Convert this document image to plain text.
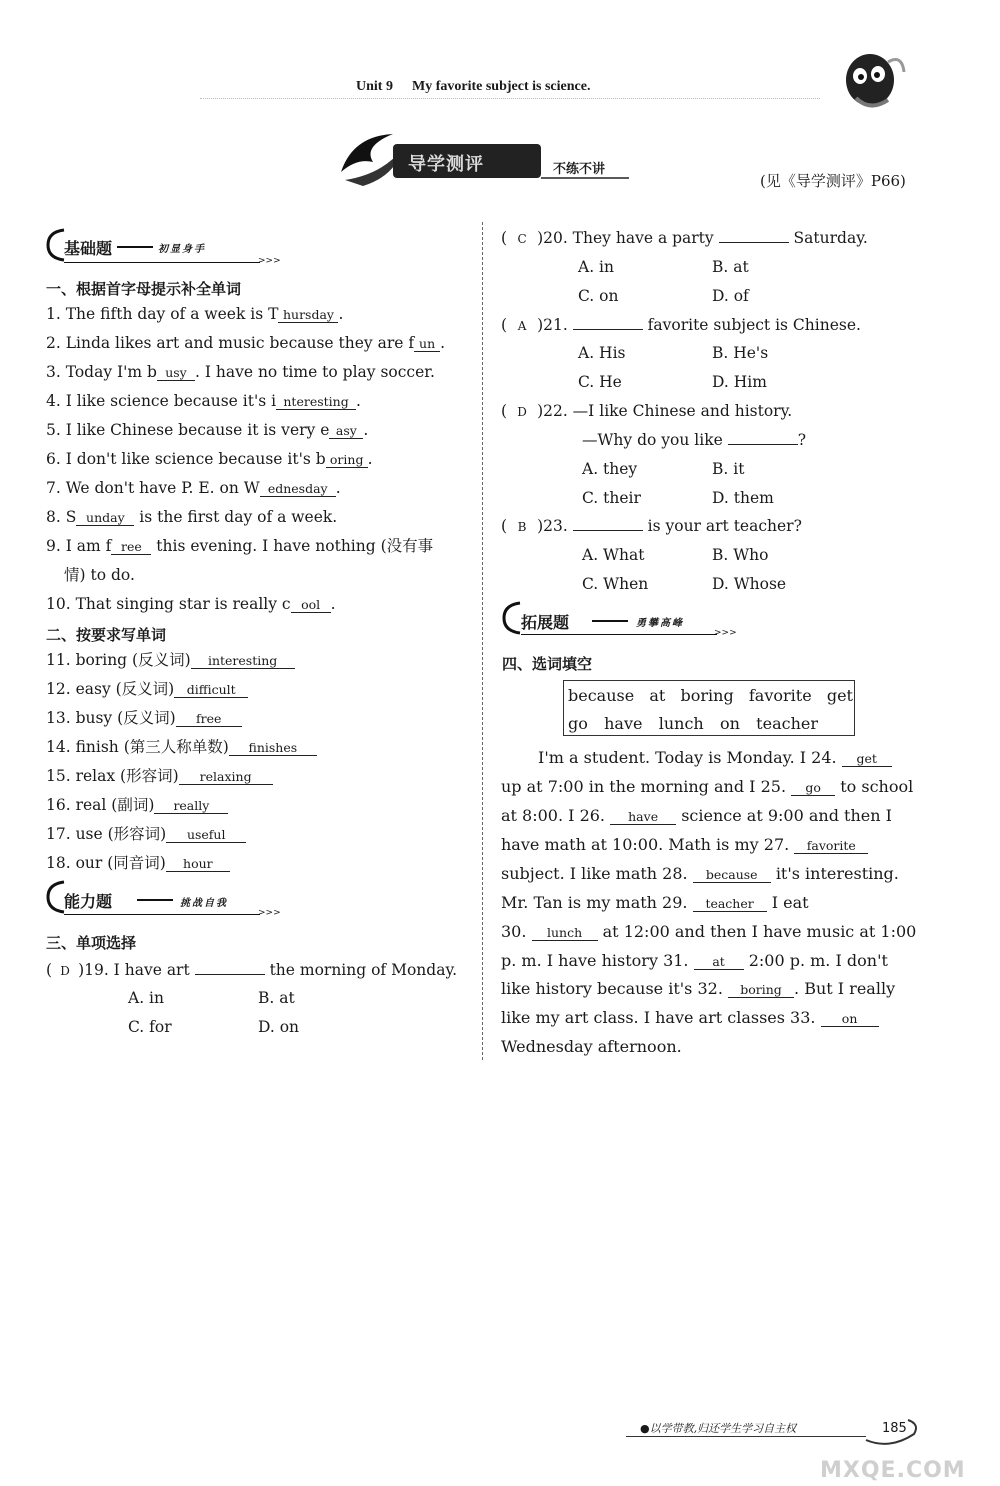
Unit 9 My favorite subject is science.
导学测评	不练不讲
(见《导学测评》P66)
基础题	初显身手
>>>
一、根据首字母提示补全单词
1. The fifth day of a week is T hursday .
2. Linda likes art and music because they are f un .
3. Today I'm b usy . I have no time to play soccer.
4. I like science because it's i nteresting .
5. I like Chinese because it is very e asy .
6. I don't like science because it's b oring .
7. We don't have P. E. on W ednesday .
8. S unday is the first day of a week.
9. I am f ree this evening. I have nothing (没有事
情) to do.
10. That singing star is really c ool .
二、按要求写单词
11. boring (反义词) interesting
12. easy (反义词) difficult
13. busy (反义词) free
14. finish (第三人称单数) finishes
15. relax (形容词) relaxing
16. real (副词) really
17. use (形容词) useful
18. our (同音词) hour
能力题	挑战自我
>>>
三、单项选择
( D )19. I have art	the morning of Monday.
A. in	B. at
C. for	D. on
( C )20. They have a party	Saturday.
A. in	B. at
C. on	D. of
( A )21.	favorite subject is Chinese.
A. His	B. He's
C. He	D. Him
( D )22. —I like Chinese and history.
—Why do you like	?
A. they	B. it
C. their	D. them
( B )23.	is your art teacher?
A. What	B. Who
C. When	D. Whose
拓展题	勇攀高峰
>>>
四、选词填空
because at boring favorite get
go have lunch on teacher
I'm a student. Today is Monday. I 24. get
up at 7:00 in the morning and I 25. go to school
at 8:00. I 26. have science at 9:00 and then I
have math at 10:00. Math is my 27. favorite
subject. I like math 28. because it's interesting.
Mr. Tan is my math 29. teacher I eat
30. lunch at 12:00 and then I have music at 1:00
p. m. I have history 31. at 2:00 p. m. I don't
like history because it's 32. boring . But I really
like my art class. I have art classes 33. on
Wednesday afternoon.
●以学带教,归还学生学习自主权	185
MXQE.COM
